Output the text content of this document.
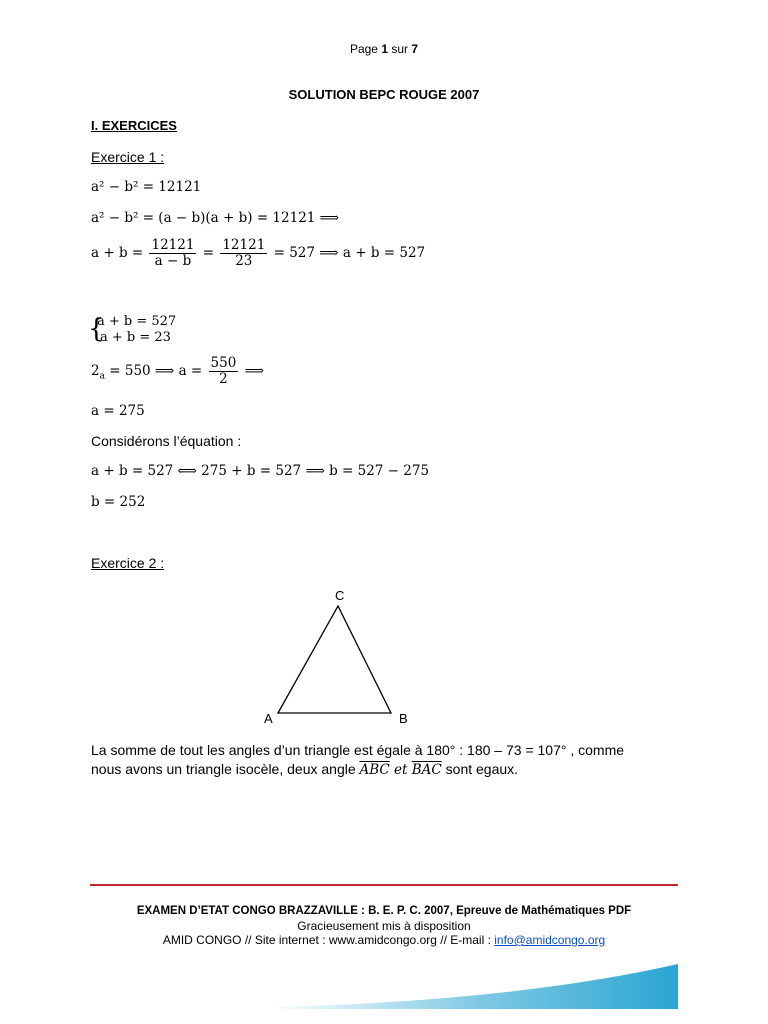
Page 1 sur 7
SOLUTION BEPC ROUGE 2007
I. EXERCICES
Exercice 1 :
a² − b² = 12121
a² − b² = (a − b)(a + b) = 12121 ⟹
$a + b = \frac{12121}{a - b} = \frac{12121}{23} = 527$ ⟹ a + b = 527
{
a + b = 527
a + b = 23
$2_a = 550$ ⟹ $a = \frac{550}{2}$ ⟹
a = 275
Considérons l’équation :
a + b = 527 ⟺ 275 + b = 527 ⟹ b = 527 − 275
b = 252
Exercice 2 :
C
A	B
La somme de tout les angles d’un triangle est égale à 180° : 180 – 73 = 107° , comme
nous avons un triangle isocèle, deux angle $\overline{ABC}$ et $\overline{BAC}$ sont egaux.
EXAMEN D’ETAT CONGO BRAZZAVILLE : B. E. P. C. 2007, Epreuve de Mathématiques PDF
Gracieusement mis à disposition
AMID CONGO // Site internet : www.amidcongo.org // E-mail : info@amidcongo.org
